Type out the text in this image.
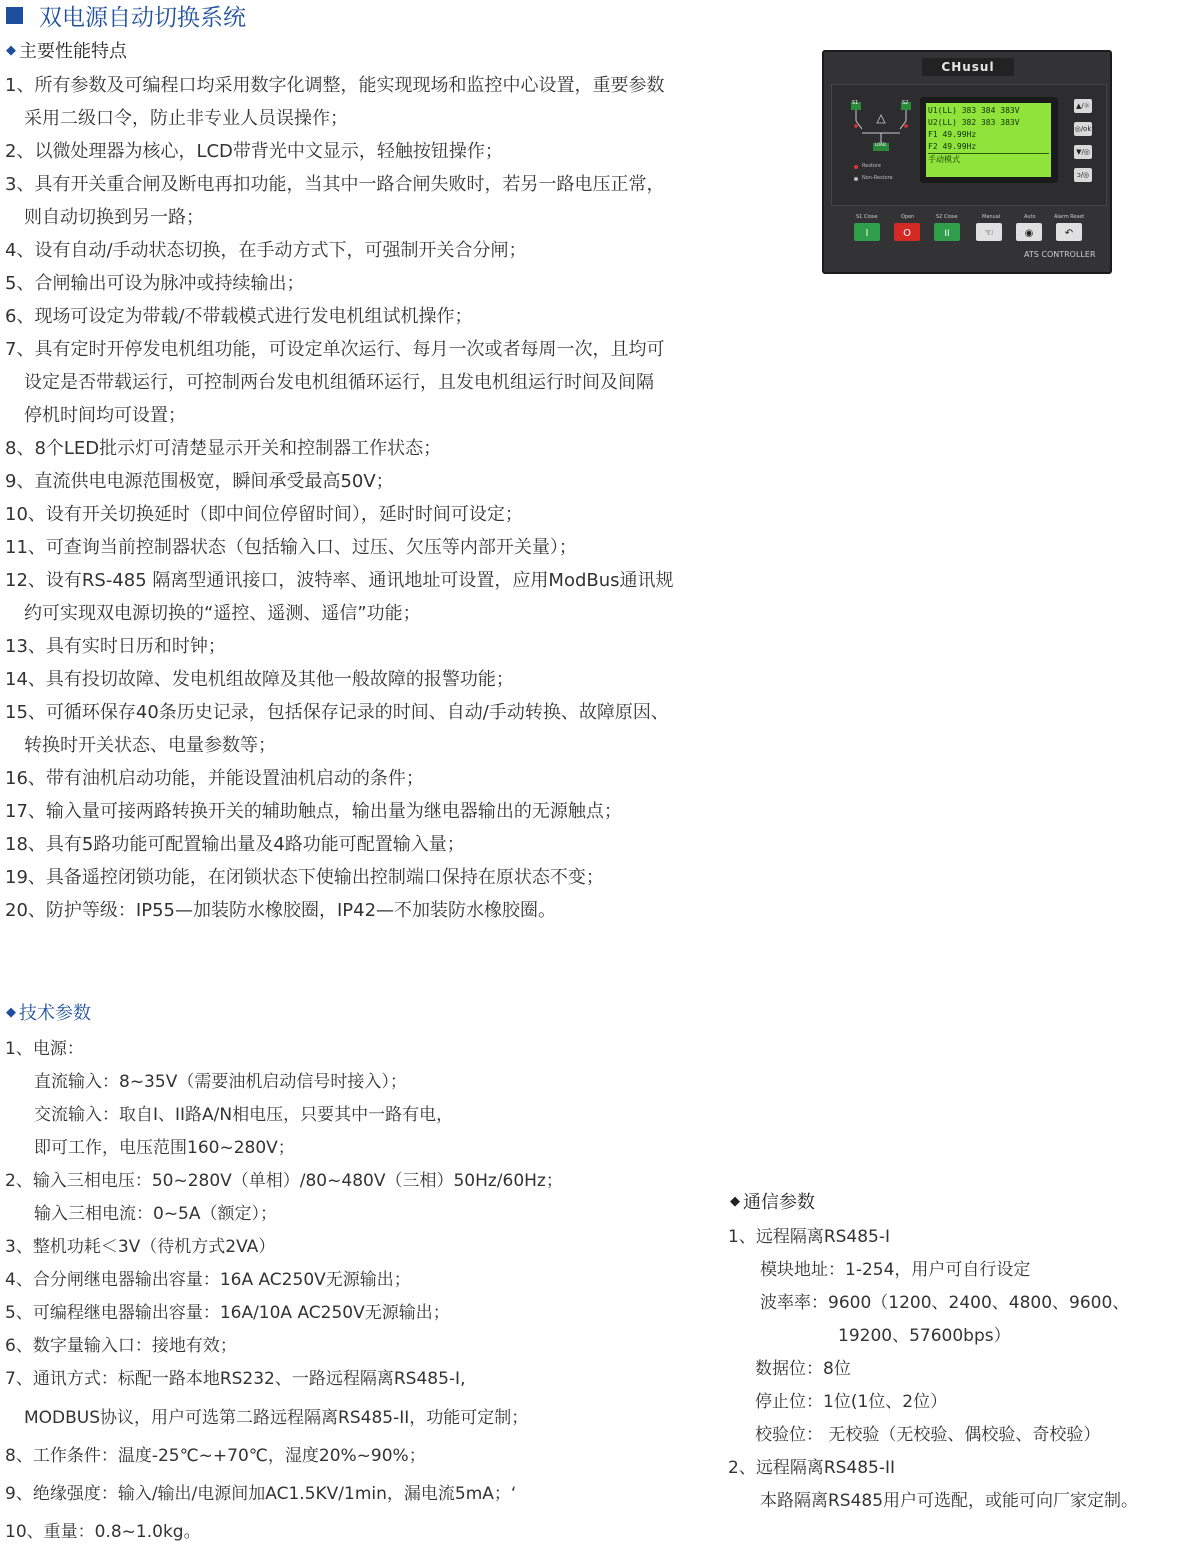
双电源自动切换系统
◆ 主要性能特点
1、所有参数及可编程口均采用数字化调整，能实现现场和监控中心设置，重要参数
采用二级口令，防止非专业人员误操作；
2、以微处理器为核心，LCD带背光中文显示，轻触按钮操作；
3、具有开关重合闸及断电再扣功能，当其中一路合闸失败时，若另一路电压正常，
则自动切换到另一路；
4、设有自动/手动状态切换，在手动方式下，可强制开关合分闸；
5、合闸输出可设为脉冲或持续输出；
6、现场可设定为带载/不带载模式进行发电机组试机操作；
7、具有定时开停发电机组功能，可设定单次运行、每月一次或者每周一次，且均可
设定是否带载运行，可控制两台发电机组循环运行，且发电机组运行时间及间隔
停机时间均可设置；
8、8个LED批示灯可清楚显示开关和控制器工作状态；
9、直流供电电源范围极宽，瞬间承受最高50V；
10、设有开关切换延时（即中间位停留时间），延时时间可设定；
11、可查询当前控制器状态（包括输入口、过压、欠压等内部开关量）；
12、设有RS-485 隔离型通讯接口，波特率、通讯地址可设置，应用ModBus通讯规
约可实现双电源切换的“遥控、遥测、遥信”功能；
13、具有实时日历和时钟；
14、具有投切故障、发电机组故障及其他一般故障的报警功能；
15、可循环保存40条历史记录，包括保存记录的时间、自动/手动转换、故障原因、
转换时开关状态、电量参数等；
16、带有油机启动功能，并能设置油机启动的条件；
17、输入量可接两路转换开关的辅助触点，输出量为继电器输出的无源触点；
18、具有5路功能可配置输出量及4路功能可配置输入量；
19、具备遥控闭锁功能，在闭锁状态下使输出控制端口保持在原状态不变；
20、防护等级：IP55—加装防水橡胶圈，IP42—不加装防水橡胶圈。
CHusul
S1	S2
LOAD
Restore
Non-Restore
U1(LL) 383 384 383V
U2(LL) 382 383 383V
F1 49.99Hz
F2 49.99Hz
手动模式
▲/☼
◎/ok
▼/◎
ↄ/◎
S1 Close	Open	S2 Close	Manual	Auto	Alarm Reset
I	O	II	☜	◉	↶
ATS CONTROLLER
◆ 技术参数
1、电源：
直流输入：8~35V（需要油机启动信号时接入）；
交流输入：取自I、II路A/N相电压，只要其中一路有电，
即可工作，电压范围160~280V；
2、输入三相电压：50~280V（单相）/80~480V（三相）50Hz/60Hz；
输入三相电流：0~5A（额定）；
3、整机功耗＜3V（待机方式2VA）
4、合分闸继电器输出容量：16A AC250V无源输出；
5、可编程继电器输出容量：16A/10A AC250V无源输出；
6、数字量输入口：接地有效；
7、通讯方式：标配一路本地RS232、一路远程隔离RS485-I,
MODBUS协议，用户可选第二路远程隔离RS485-II，功能可定制；
8、工作条件：温度-25℃~+70℃，湿度20%~90%；
9、绝缘强度：输入/输出/电源间加AC1.5KV/1min，漏电流5mA；‘
10、重量：0.8~1.0kg。
◆ 通信参数
1、远程隔离RS485-I
模块地址：1-254，用户可自行设定
波率率：9600（1200、2400、4800、9600、
19200、57600bps）
数据位：8位
停止位：1位(1位、2位）
校验位： 无校验（无校验、偶校验、奇校验）
2、远程隔离RS485-II
本路隔离RS485用户可选配，或能可向厂家定制。
